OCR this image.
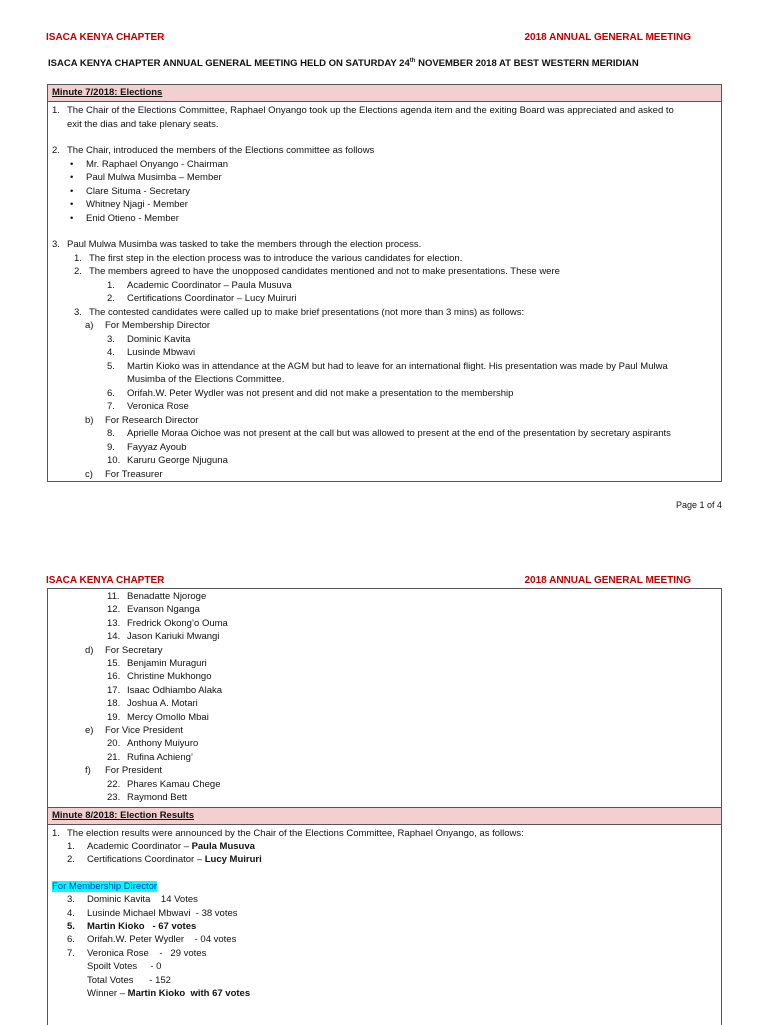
ISACA KENYA CHAPTER	2018 ANNUAL GENERAL MEETING
ISACA KENYA CHAPTER ANNUAL GENERAL MEETING HELD ON SATURDAY 24th NOVEMBER 2018 AT BEST WESTERN MERIDIAN
Minute 7/2018: Elections
1. The Chair of the Elections Committee, Raphael Onyango took up the Elections agenda item and the exiting Board was appreciated and asked to
exit the dias and take plenary seats.
2. The Chair, introduced the members of the Elections committee as follows
• Mr. Raphael Onyango - Chairman
• Paul Mulwa Musimba – Member
• Clare Situma - Secretary
• Whitney Njagi - Member
• Enid Otieno - Member
3. Paul Mulwa Musimba was tasked to take the members through the election process.
1. The first step in the election process was to introduce the various candidates for election.
2. The members agreed to have the unopposed candidates mentioned and not to make presentations. These were
1. Academic Coordinator – Paula Musuva
2. Certifications Coordinator – Lucy Muiruri
3. The contested candidates were called up to make brief presentations (not more than 3 mins) as follows:
a) For Membership Director
3. Dominic Kavita
4. Lusinde Mbwavi
5. Martin Kioko was in attendance at the AGM but had to leave for an international flight. His presentation was made by Paul Mulwa
Musimba of the Elections Committee.
6. Orifah.W. Peter Wydler was not present and did not make a presentation to the membership
7. Veronica Rose
b) For Research Director
8. Aprielle Moraa Oichoe was not present at the call but was allowed to present at the end of the presentation by secretary aspirants
9. Fayyaz Ayoub
10. Karuru George Njuguna
c) For Treasurer
Page 1 of 4
ISACA KENYA CHAPTER	2018 ANNUAL GENERAL MEETING
11. Benadatte Njoroge
12. Evanson Nganga
13. Fredrick Okong’o Ouma
14. Jason Kariuki Mwangi
d) For Secretary
15. Benjamin Muraguri
16. Christine Mukhongo
17. Isaac Odhiambo Alaka
18. Joshua A. Motari
19. Mercy Omollo Mbai
e) For Vice President
20. Anthony Muiyuro
21. Rufina Achieng’
f) For President
22. Phares Kamau Chege
23. Raymond Bett
Minute 8/2018: Election Results
1. The election results were announced by the Chair of the Elections Committee, Raphael Onyango, as follows:
1. Academic Coordinator – Paula Musuva
2. Certifications Coordinator – Lucy Muiruri
For Membership Director
3. Dominic Kavita    14 Votes
4. Lusinde Michael Mbwavi  - 38 votes
5. Martin Kioko   - 67 votes
6. Orifah.W. Peter Wydler    - 04 votes
7. Veronica Rose    -   29 votes
Spoilt Votes     - 0
Total Votes      - 152
Winner – Martin Kioko  with 67 votes
